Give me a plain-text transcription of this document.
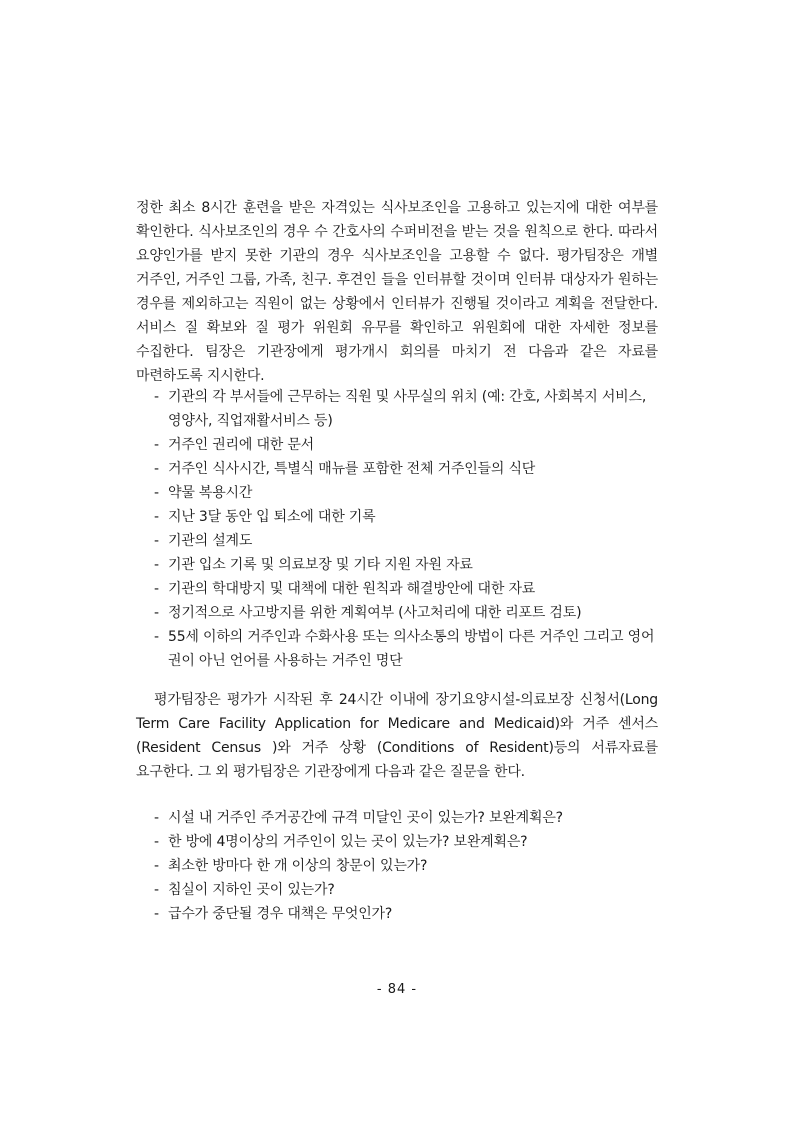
정한 최소 8시간 훈련을 받은 자격있는 식사보조인을 고용하고 있는지에 대한 여부를 확인한다. 식사보조인의 경우 수 간호사의 수퍼비전을 받는 것을 원칙으로 한다. 따라서 요양인가를 받지 못한 기관의 경우 식사보조인을 고용할 수 없다. 평가팀장은 개별 거주인, 거주인 그룹, 가족, 친구. 후견인 들을 인터뷰할 것이며 인터뷰 대상자가 원하는 경우를 제외하고는 직원이 없는 상황에서 인터뷰가 진행될 것이라고 계획을 전달한다. 서비스 질 확보와 질 평가 위원회 유무를 확인하고 위원회에 대한 자세한 정보를 수집한다. 팀장은 기관장에게 평가개시 회의를 마치기 전 다음과 같은 자료를 마련하도록 지시한다.

- 기관의 각 부서들에 근무하는 직원 및 사무실의 위치 (예: 간호, 사회복지 서비스, 영양사, 직업재활서비스 등)
- 거주인 권리에 대한 문서
- 거주인 식사시간, 특별식 매뉴를 포함한 전체 거주인들의 식단
- 약물 복용시간
- 지난 3달 동안 입 퇴소에 대한 기록
- 기관의 설계도
- 기관 입소 기록 및 의료보장 및 기타 지원 자원 자료
- 기관의 학대방지 및 대책에 대한 원칙과 해결방안에 대한 자료
- 정기적으로 사고방지를 위한 계획여부 (사고처리에 대한 리포트 검토)
- 55세 이하의 거주인과 수화사용 또는 의사소통의 방법이 다른 거주인 그리고 영어권이 아닌 언어를 사용하는 거주인 명단

평가팀장은 평가가 시작된 후 24시간 이내에 장기요양시설-의료보장 신청서(Long Term Care Facility Application for Medicare and Medicaid)와 거주 센서스(Resident Census )와 거주 상황 (Conditions of Resident)등의 서류자료를 요구한다. 그 외 평가팀장은 기관장에게 다음과 같은 질문을 한다.

- 시설 내 거주인 주거공간에 규격 미달인 곳이 있는가? 보완계획은?
- 한 방에 4명이상의 거주인이 있는 곳이 있는가? 보완계획은?
- 최소한 방마다 한 개 이상의 창문이 있는가?
- 침실이 지하인 곳이 있는가?
- 급수가 중단될 경우 대책은 무엇인가?
- 84 -
